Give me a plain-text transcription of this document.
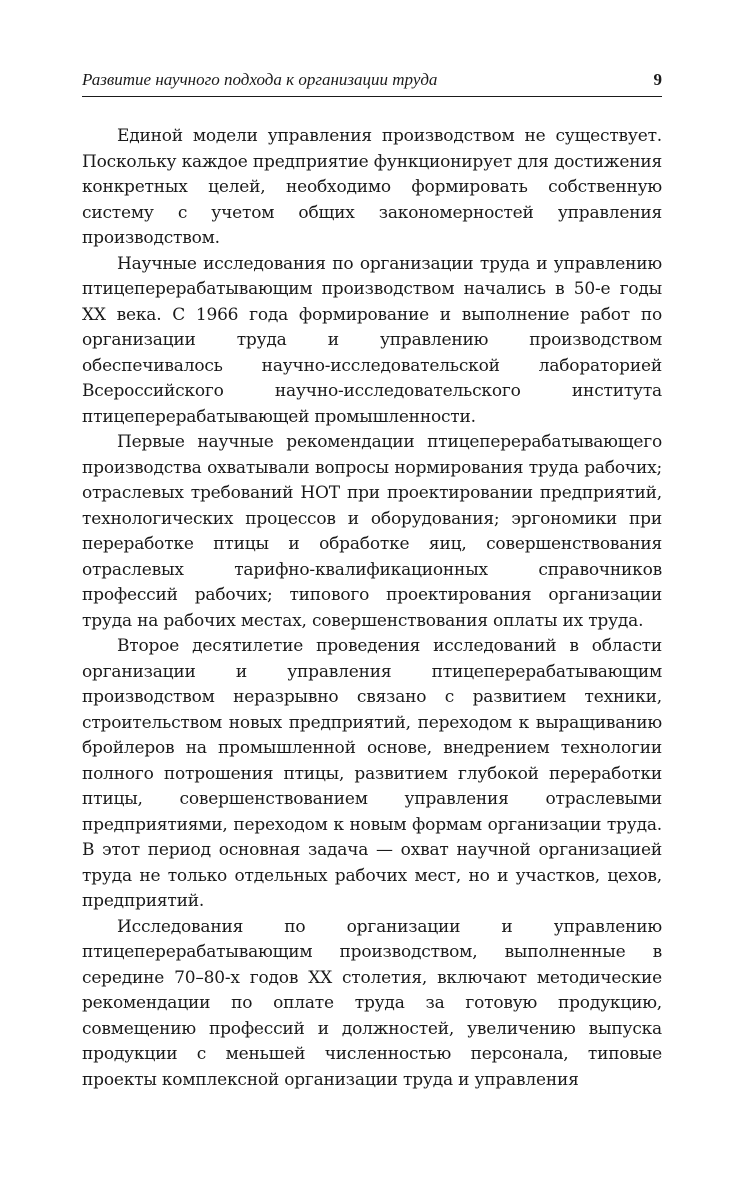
Развитие научного подхода к организации труда	9

Единой модели управления производством не существует. Поскольку каждое предприятие функционирует для достижения конкретных целей, необходимо формировать собственную систему с учетом общих закономерностей управления производством.

Научные исследования по организации труда и управлению птицеперерабатывающим производством начались в 50-е годы XX века. С 1966 года формирование и выполнение работ по организации труда и управлению производством обеспечивалось научно-исследовательской лабораторией Всероссийского научно-исследовательского института птицеперерабатывающей промышленности.

Первые научные рекомендации птицеперерабатывающего производства охватывали вопросы нормирования труда рабочих; отраслевых требований НОТ при проектировании предприятий, технологических процессов и оборудования; эргономики при переработке птицы и обработке яиц, совершенствования отраслевых тарифно-квалификационных справочников профессий рабочих; типового проектирования организации труда на рабочих местах, совершенствования оплаты их труда.

Второе десятилетие проведения исследований в области организации и управления птицеперерабатывающим производством неразрывно связано с развитием техники, строительством новых предприятий, переходом к выращиванию бройлеров на промышленной основе, внедрением технологии полного потрошения птицы, развитием глубокой переработки птицы, совершенствованием управления отраслевыми предприятиями, переходом к новым формам организации труда. В этот период основная задача — охват научной организацией труда не только отдельных рабочих мест, но и участков, цехов, предприятий.

Исследования по организации и управлению птицеперерабатывающим производством, выполненные в середине 70–80-х годов XX столетия, включают методические рекомендации по оплате труда за готовую продукцию, совмещению профессий и должностей, увеличению выпуска продукции с меньшей численностью персонала, типовые проекты комплексной организации труда и управления
